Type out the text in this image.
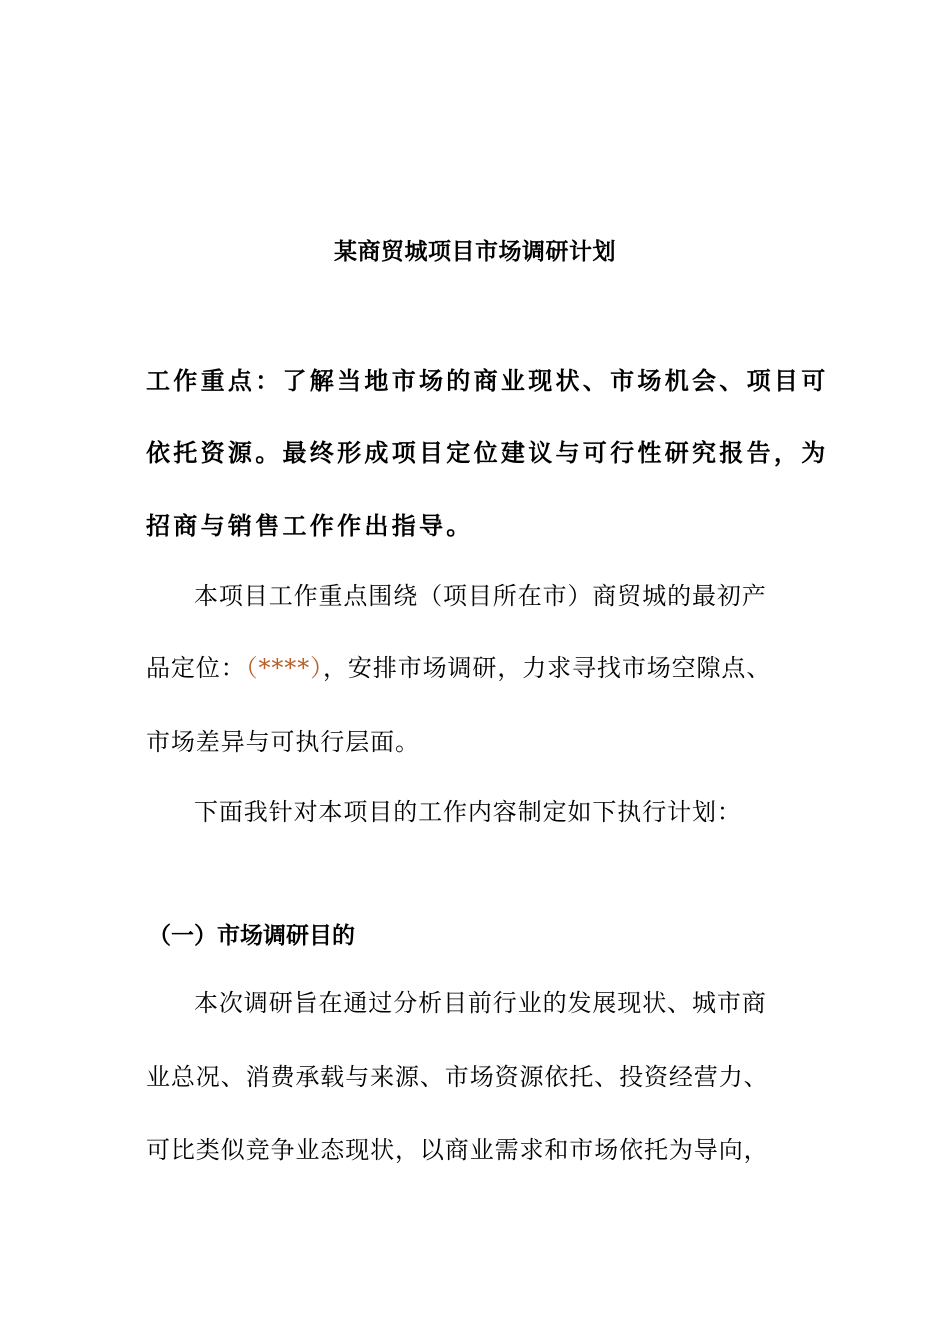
某商贸城项目市场调研计划
工作重点：了解当地市场的商业现状、市场机会、项目可
依托资源。最终形成项目定位建议与可行性研究报告，为
招商与销售工作作出指导。
本项目工作重点围绕（项目所在市）商贸城的最初产
品定位：（****），安排市场调研，力求寻找市场空隙点、
市场差异与可执行层面。
下面我针对本项目的工作内容制定如下执行计划：
（一）市场调研目的
本次调研旨在通过分析目前行业的发展现状、城市商
业总况、消费承载与来源、市场资源依托、投资经营力、
可比类似竞争业态现状，以商业需求和市场依托为导向，
